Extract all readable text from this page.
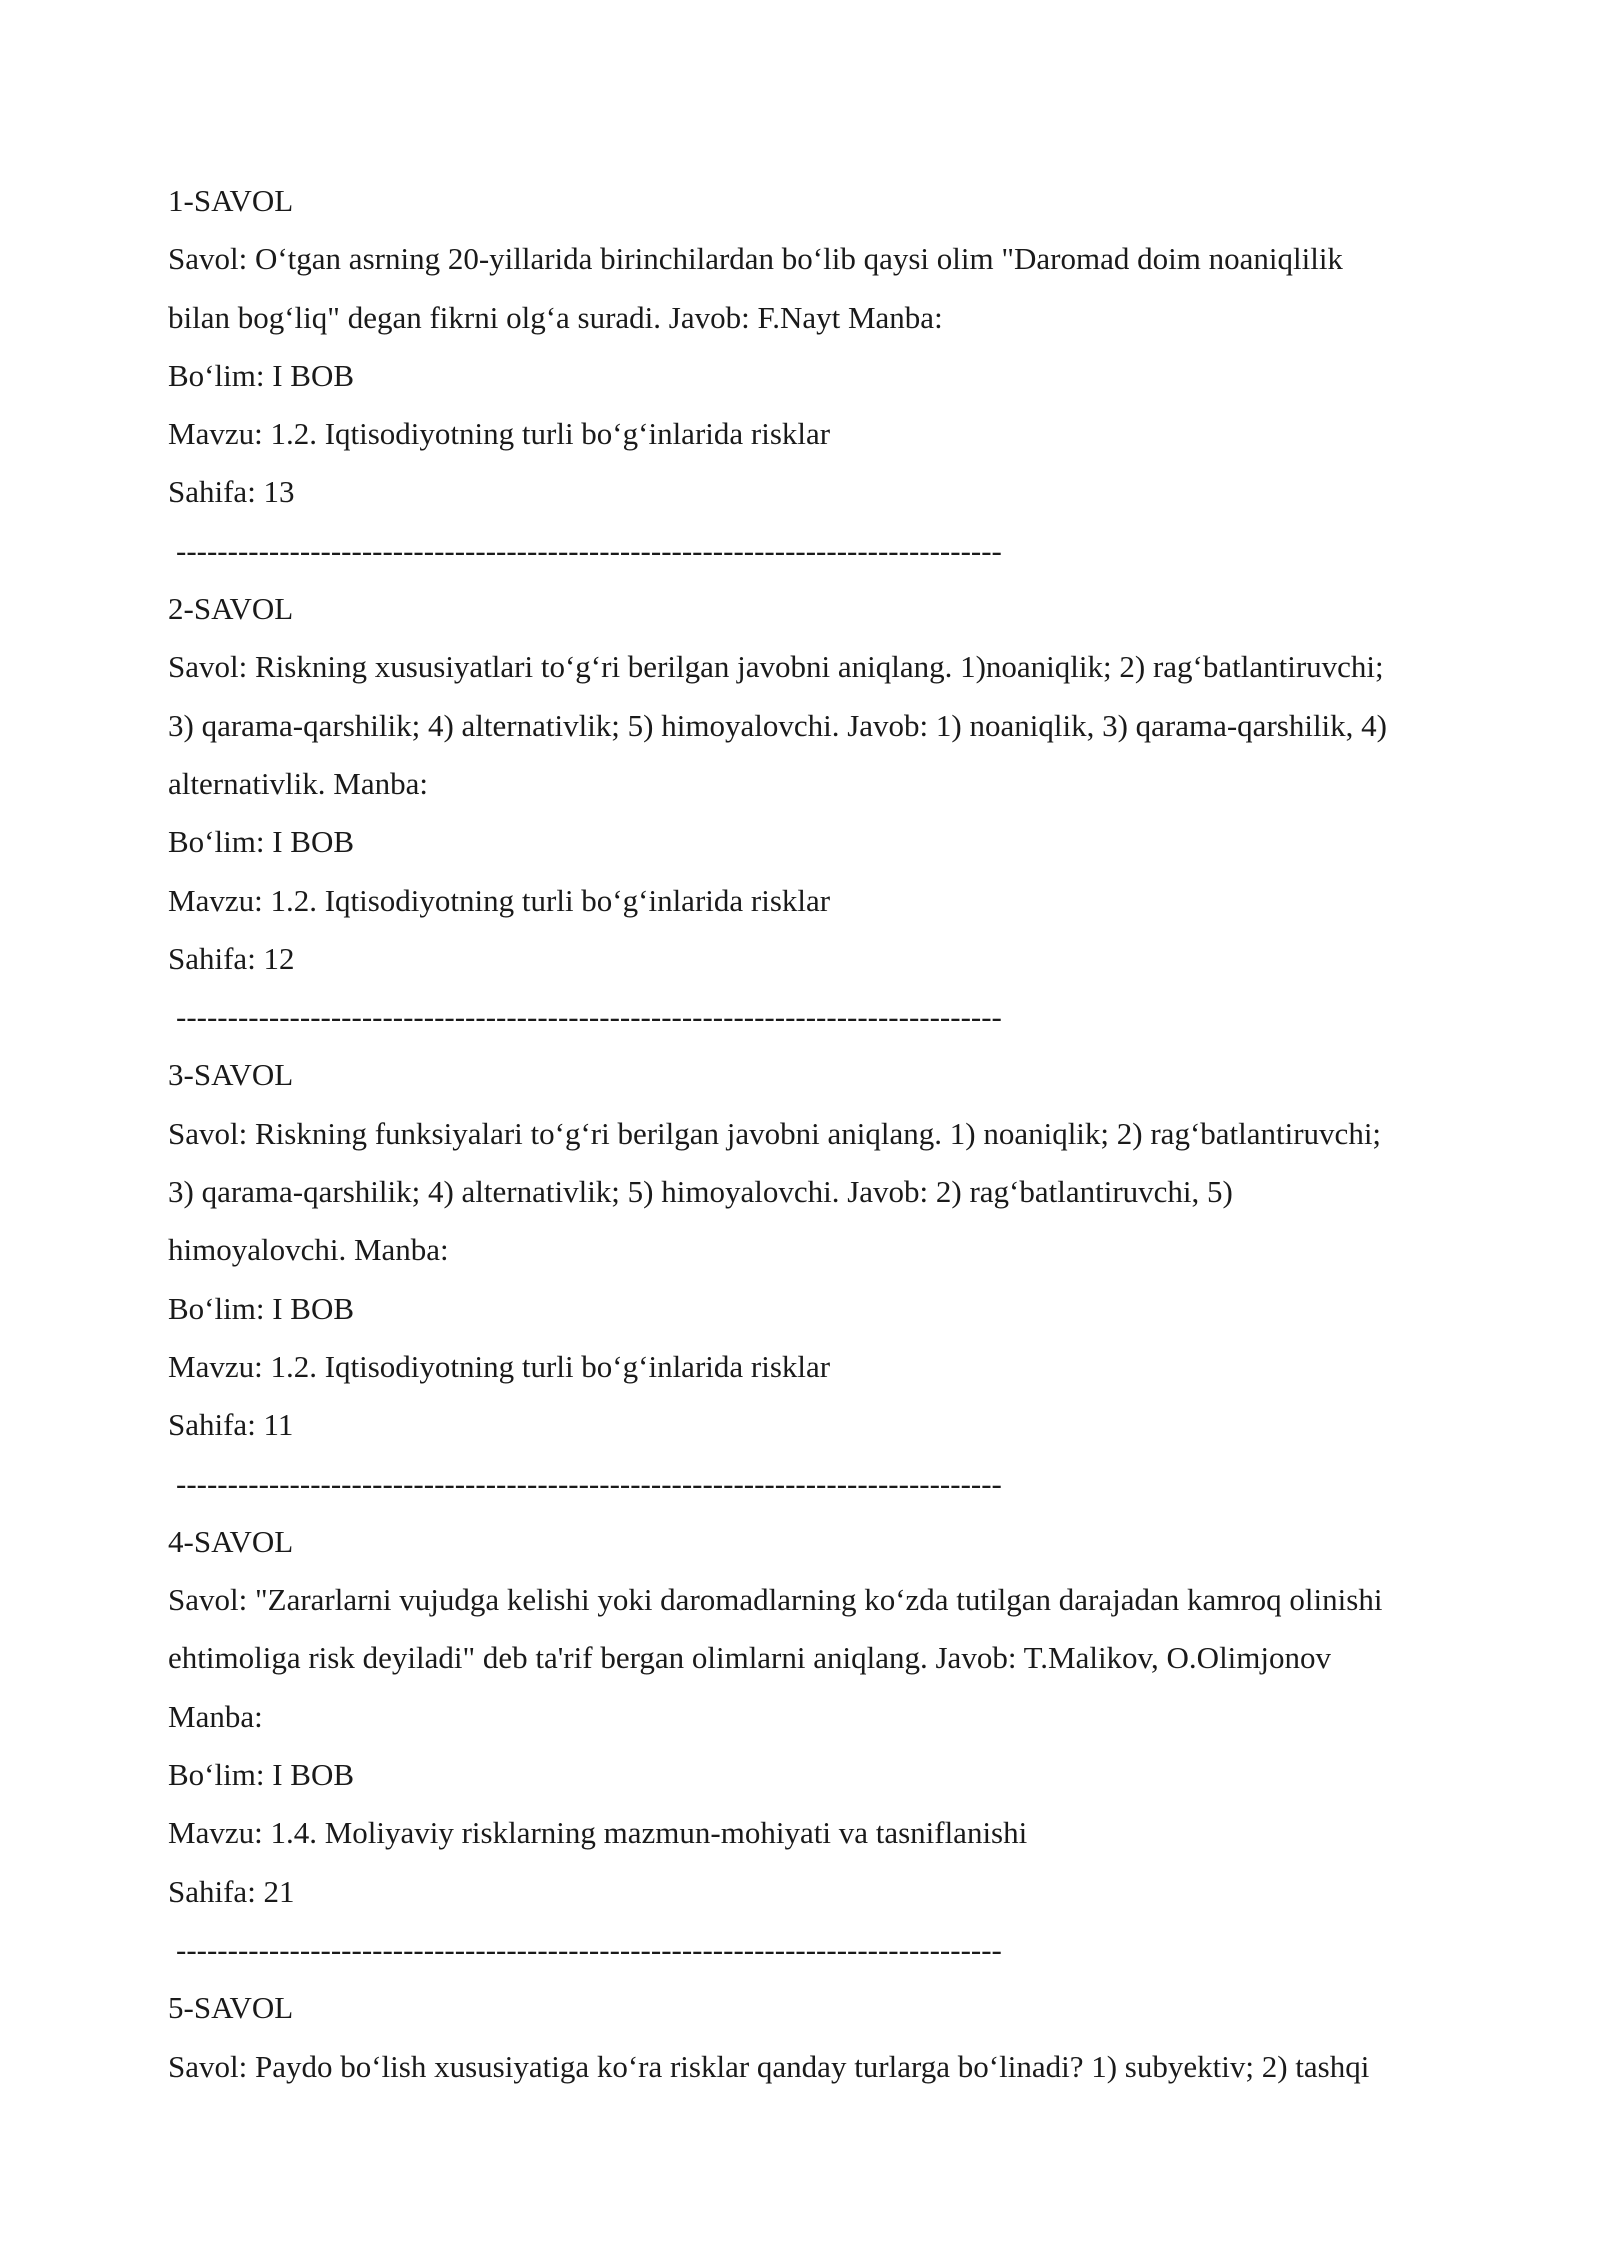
1-SAVOL
Savol: O‘tgan asrning 20-yillarida birinchilardan bo‘lib qaysi olim "Daromad doim noaniqlilik
bilan bog‘liq" degan fikrni olg‘a suradi. Javob: F.Nayt Manba:
Bo‘lim: I BOB
Mavzu: 1.2. Iqtisodiyotning turli bo‘g‘inlarida risklar
Sahifa: 13
--------------------------------------------------------------------------------
2-SAVOL
Savol: Riskning xususiyatlari to‘g‘ri berilgan javobni aniqlang. 1)noaniqlik; 2) rag‘batlantiruvchi;
3) qarama-qarshilik; 4) alternativlik; 5) himoyalovchi. Javob: 1) noaniqlik, 3) qarama-qarshilik, 4)
alternativlik. Manba:
Bo‘lim: I BOB
Mavzu: 1.2. Iqtisodiyotning turli bo‘g‘inlarida risklar
Sahifa: 12
--------------------------------------------------------------------------------
3-SAVOL
Savol: Riskning funksiyalari to‘g‘ri berilgan javobni aniqlang. 1) noaniqlik; 2) rag‘batlantiruvchi;
3) qarama-qarshilik; 4) alternativlik; 5) himoyalovchi. Javob: 2) rag‘batlantiruvchi, 5)
himoyalovchi. Manba:
Bo‘lim: I BOB
Mavzu: 1.2. Iqtisodiyotning turli bo‘g‘inlarida risklar
Sahifa: 11
--------------------------------------------------------------------------------
4-SAVOL
Savol: "Zararlarni vujudga kelishi yoki daromadlarning ko‘zda tutilgan darajadan kamroq olinishi
ehtimoliga risk deyiladi" deb ta'rif bergan olimlarni aniqlang. Javob: T.Malikov, O.Olimjonov
Manba:
Bo‘lim: I BOB
Mavzu: 1.4. Moliyaviy risklarning mazmun-mohiyati va tasniflanishi
Sahifa: 21
--------------------------------------------------------------------------------
5-SAVOL
Savol: Paydo bo‘lish xususiyatiga ko‘ra risklar qanday turlarga bo‘linadi? 1) subyektiv; 2) tashqi
